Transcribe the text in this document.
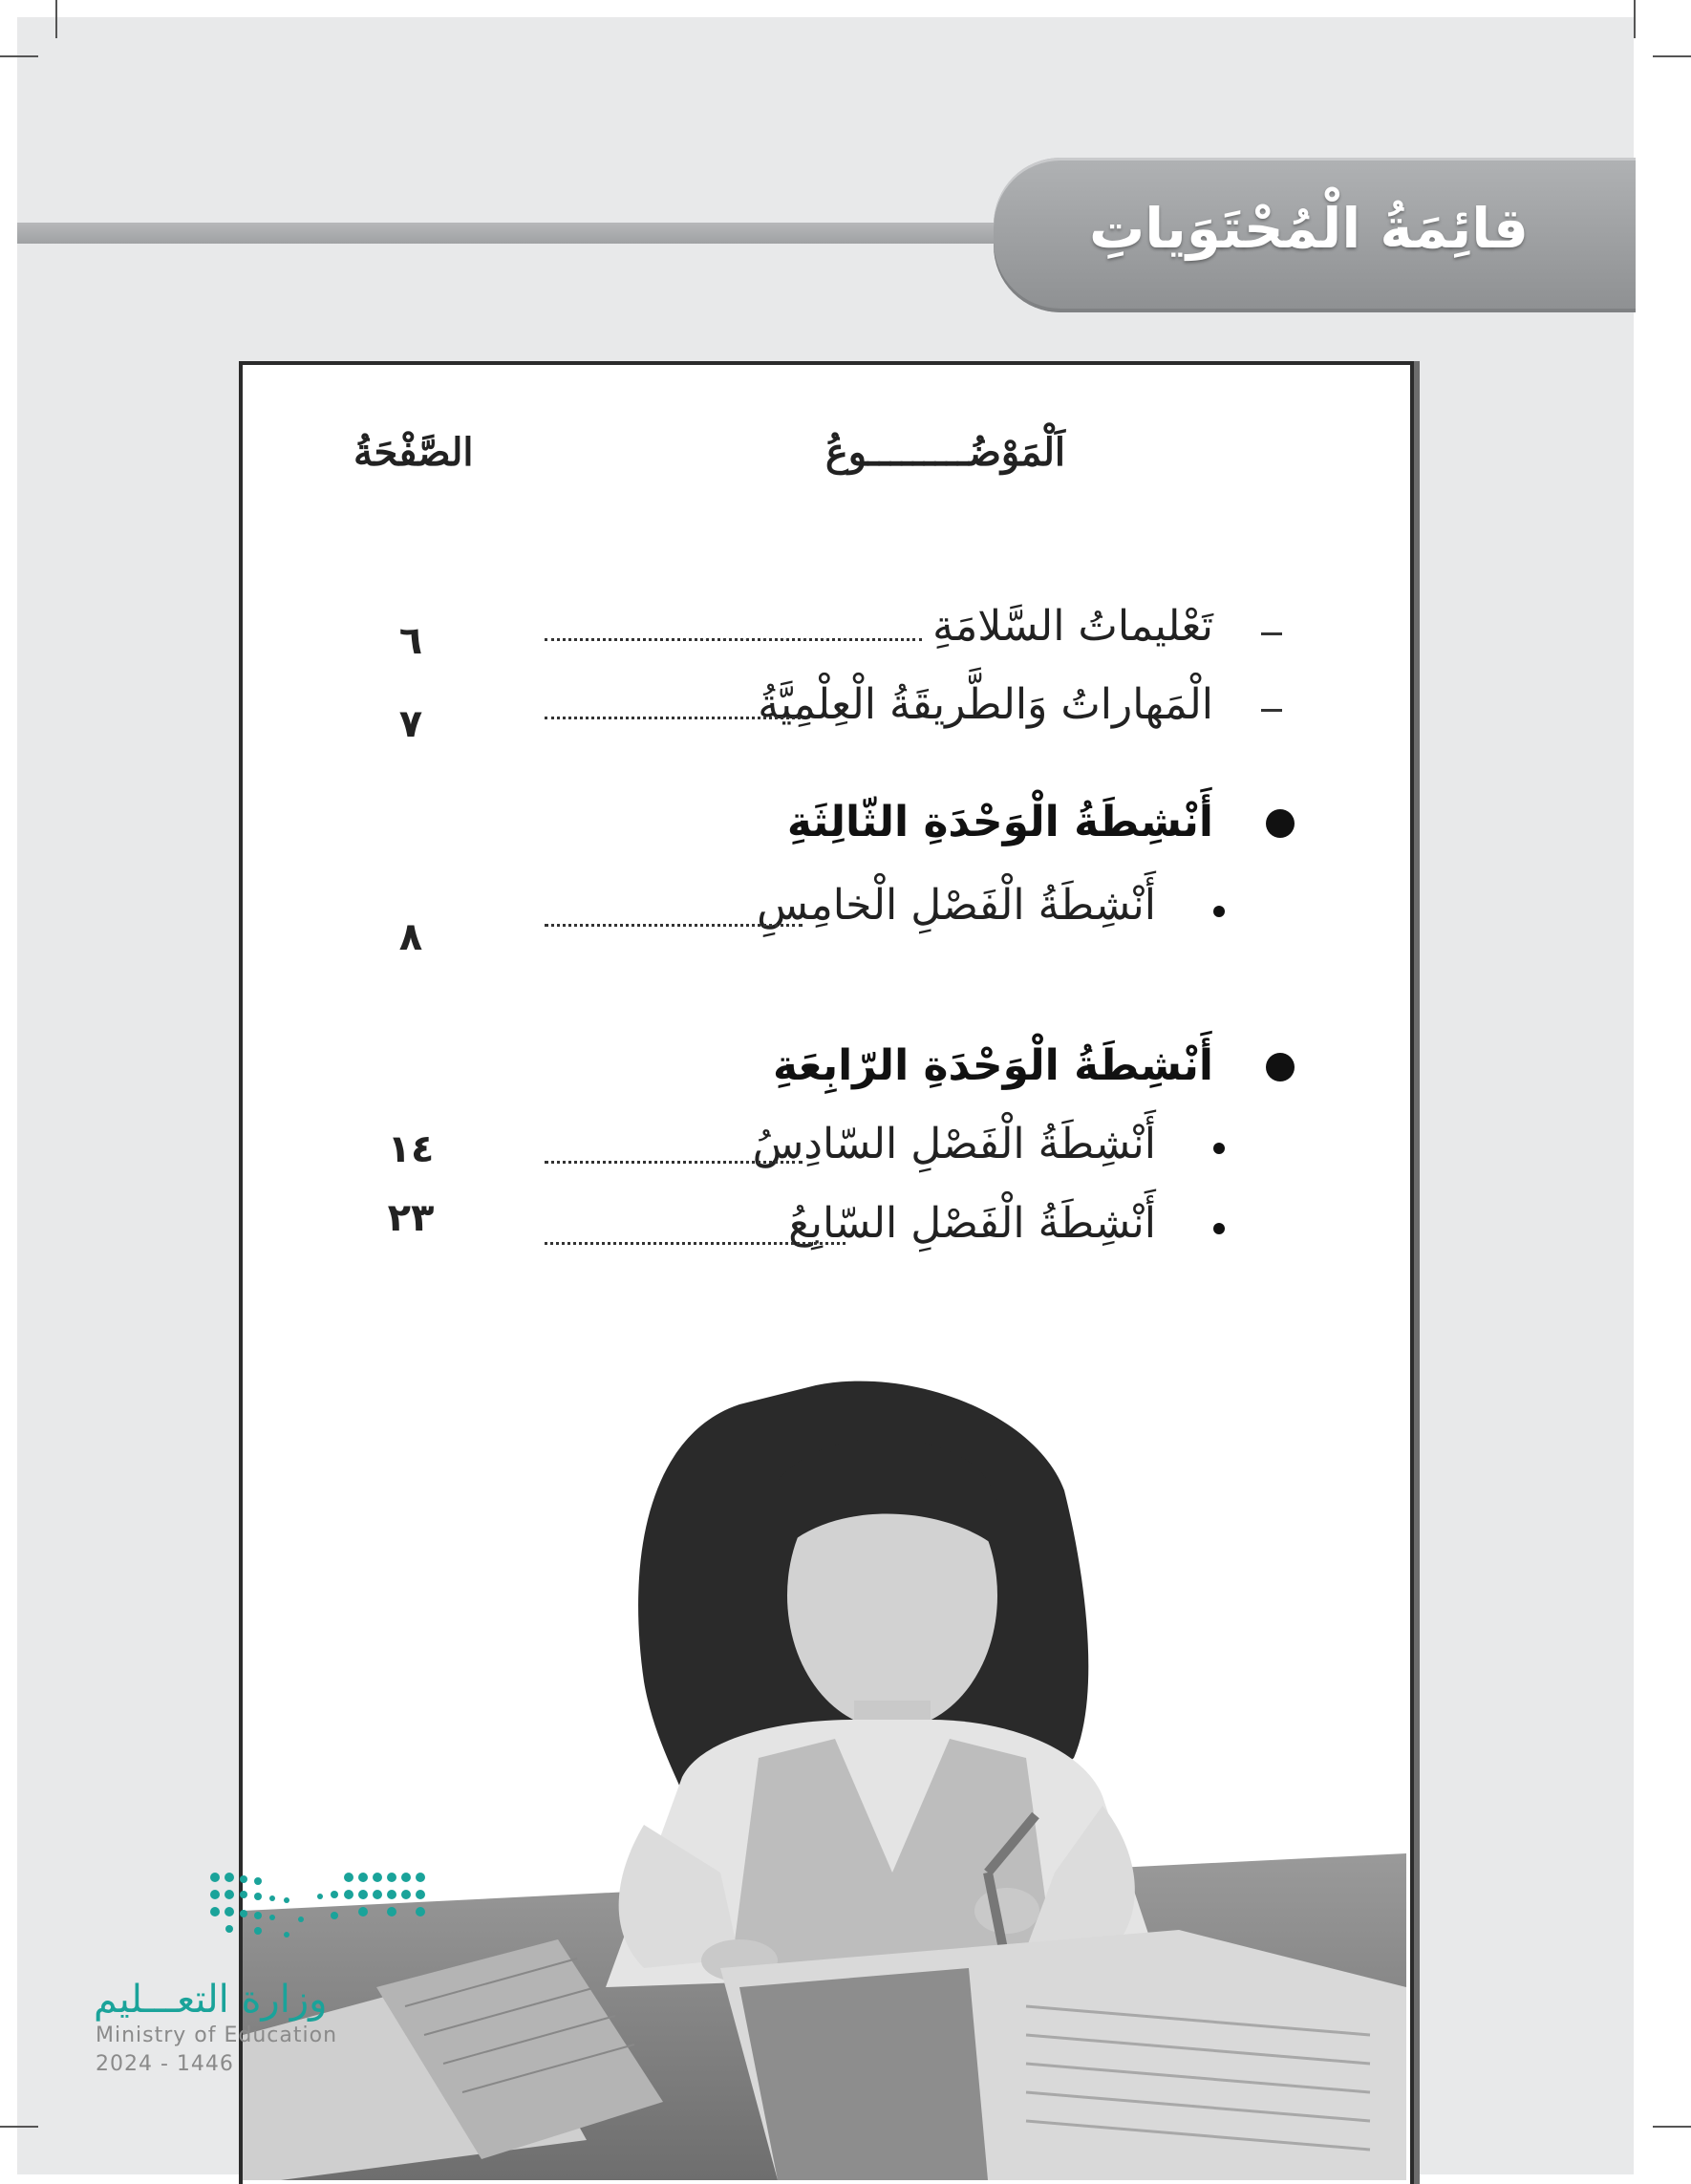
قائِمَةُ الْمُحْتَوَياتِ
اَلْمَوْضُـــــــــوعُ
الصَّفْحَةُ
تَعْليماتُ السَّلامَةِ
٦
الْمَهاراتُ وَالطَّريقَةُ الْعِلْمِيَّةُ
٧
أَنْشِطَةُ الْوَحْدَةِ الثّالِثَةِ
أَنْشِطَةُ الْفَصْلِ الْخامِسِ
٨
أَنْشِطَةُ الْوَحْدَةِ الرّابِعَةِ
أَنْشِطَةُ الْفَصْلِ السّادِسُ
١٤
أَنْشِطَةُ الْفَصْلِ السّابِعُ
٢٣
وزارة التعـــليم
Ministry of Education
2024 - 1446
